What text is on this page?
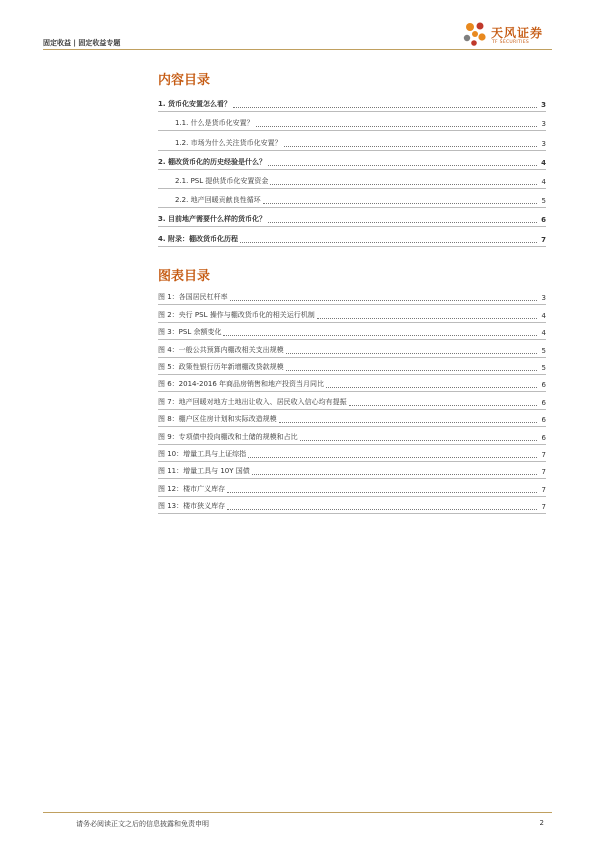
固定收益 | 固定收益专题
天风证券
TF SECURITIES
内容目录
1. 货币化安置怎么看？	3
1.1. 什么是货币化安置？	3
1.2. 市场为什么关注货币化安置？	3
2. 棚改货币化的历史经验是什么？	4
2.1. PSL 提供货币化安置资金	4
2.2. 地产回暖贡献良性循环	5
3. 目前地产需要什么样的货币化？	6
4. 附录：棚改货币化历程	7
图表目录
图 1：各国居民杠杆率	3
图 2：央行 PSL 操作与棚改货币化的相关运行机制	4
图 3：PSL 余额变化	4
图 4：一般公共预算内棚改相关支出规模	5
图 5：政策性银行历年新增棚改贷款规模	5
图 6：2014-2016 年商品房销售和地产投资当月同比	6
图 7：地产回暖对地方土地出让收入、居民收入信心均有提振	6
图 8：棚户区住房计划和实际改造规模	6
图 9：专项债中投向棚改和土储的规模和占比	6
图 10：增量工具与上证综指	7
图 11：增量工具与 10Y 国债	7
图 12：楼市广义库存	7
图 13：楼市狭义库存	7
请务必阅读正文之后的信息披露和免责申明	2
